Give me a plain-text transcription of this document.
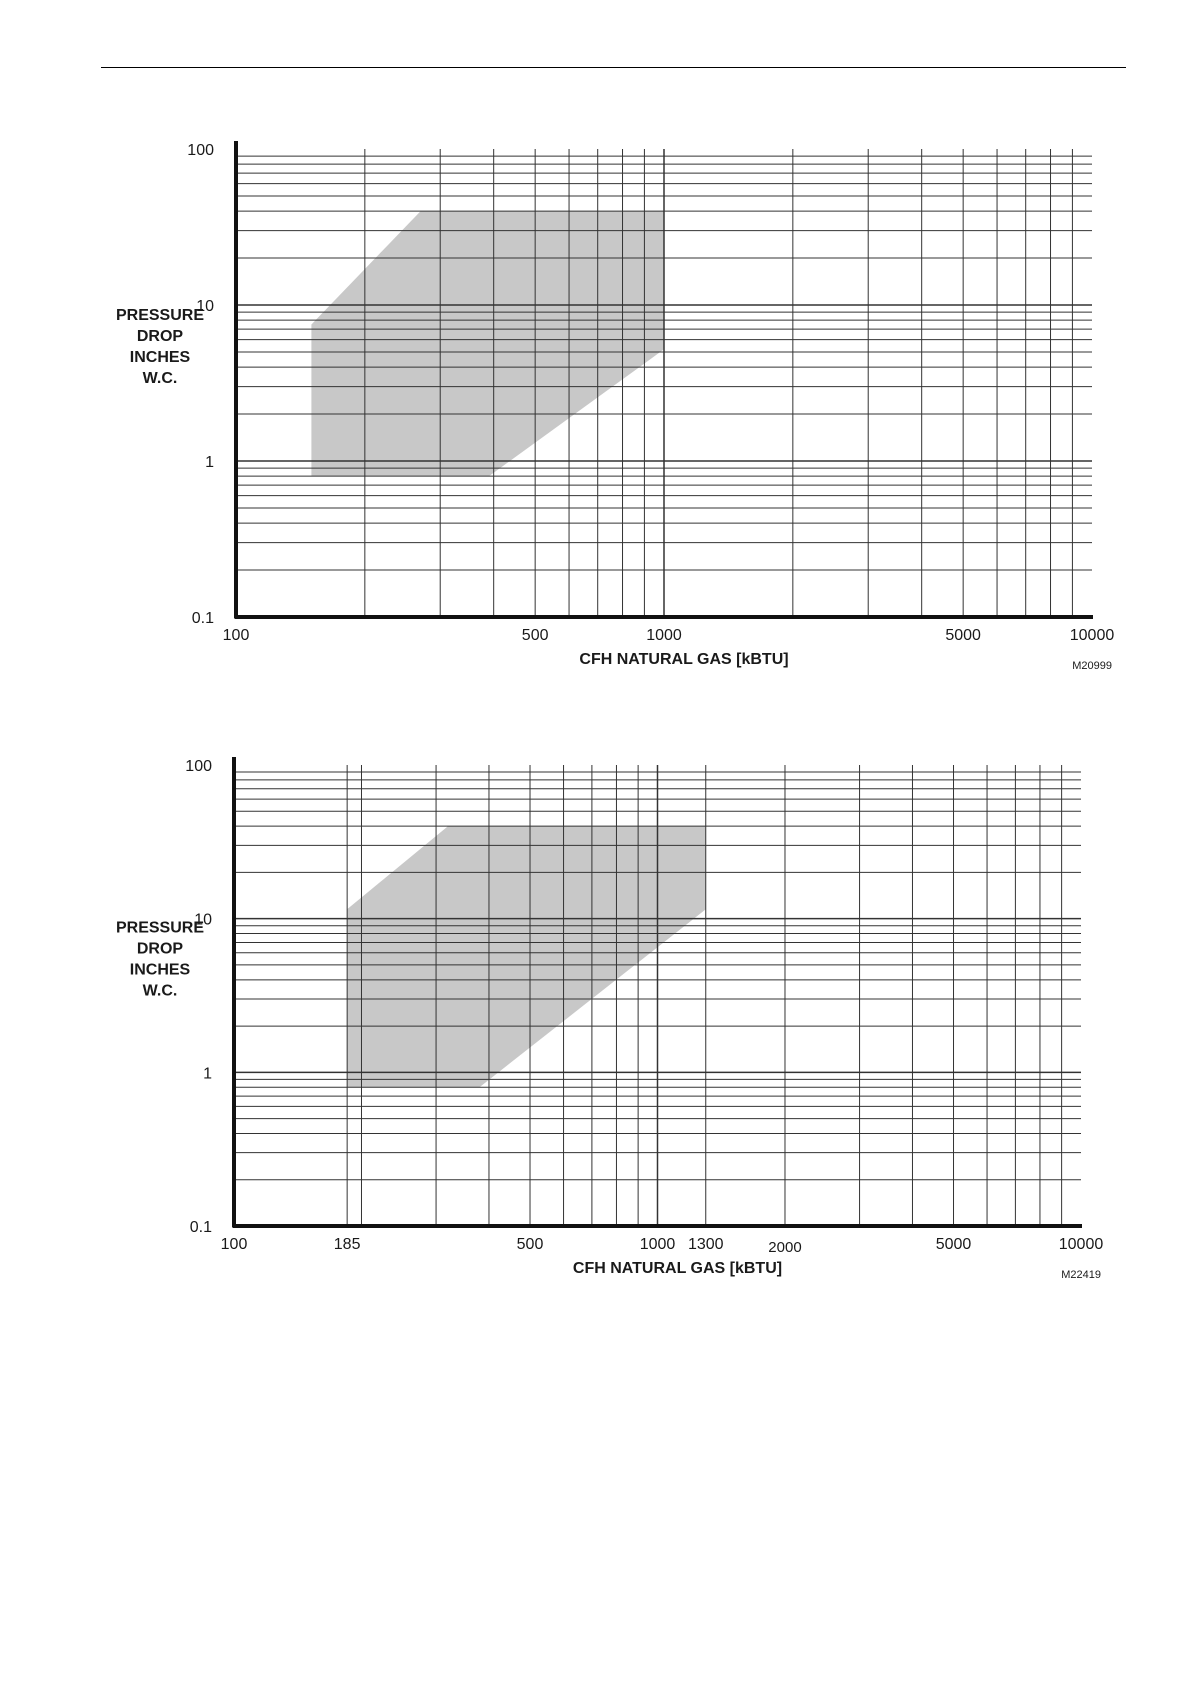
100
10
1
0.1
100	500	1000	5000	10000
PRESSURE
DROP
INCHES
W.C.
CFH NATURAL GAS [kBTU]	M20999
100
10
1
0.1
100	185	500	1000 1300	2000	5000	10000
PRESSURE
DROP
INCHES
W.C.
CFH NATURAL GAS [kBTU]	M22419
